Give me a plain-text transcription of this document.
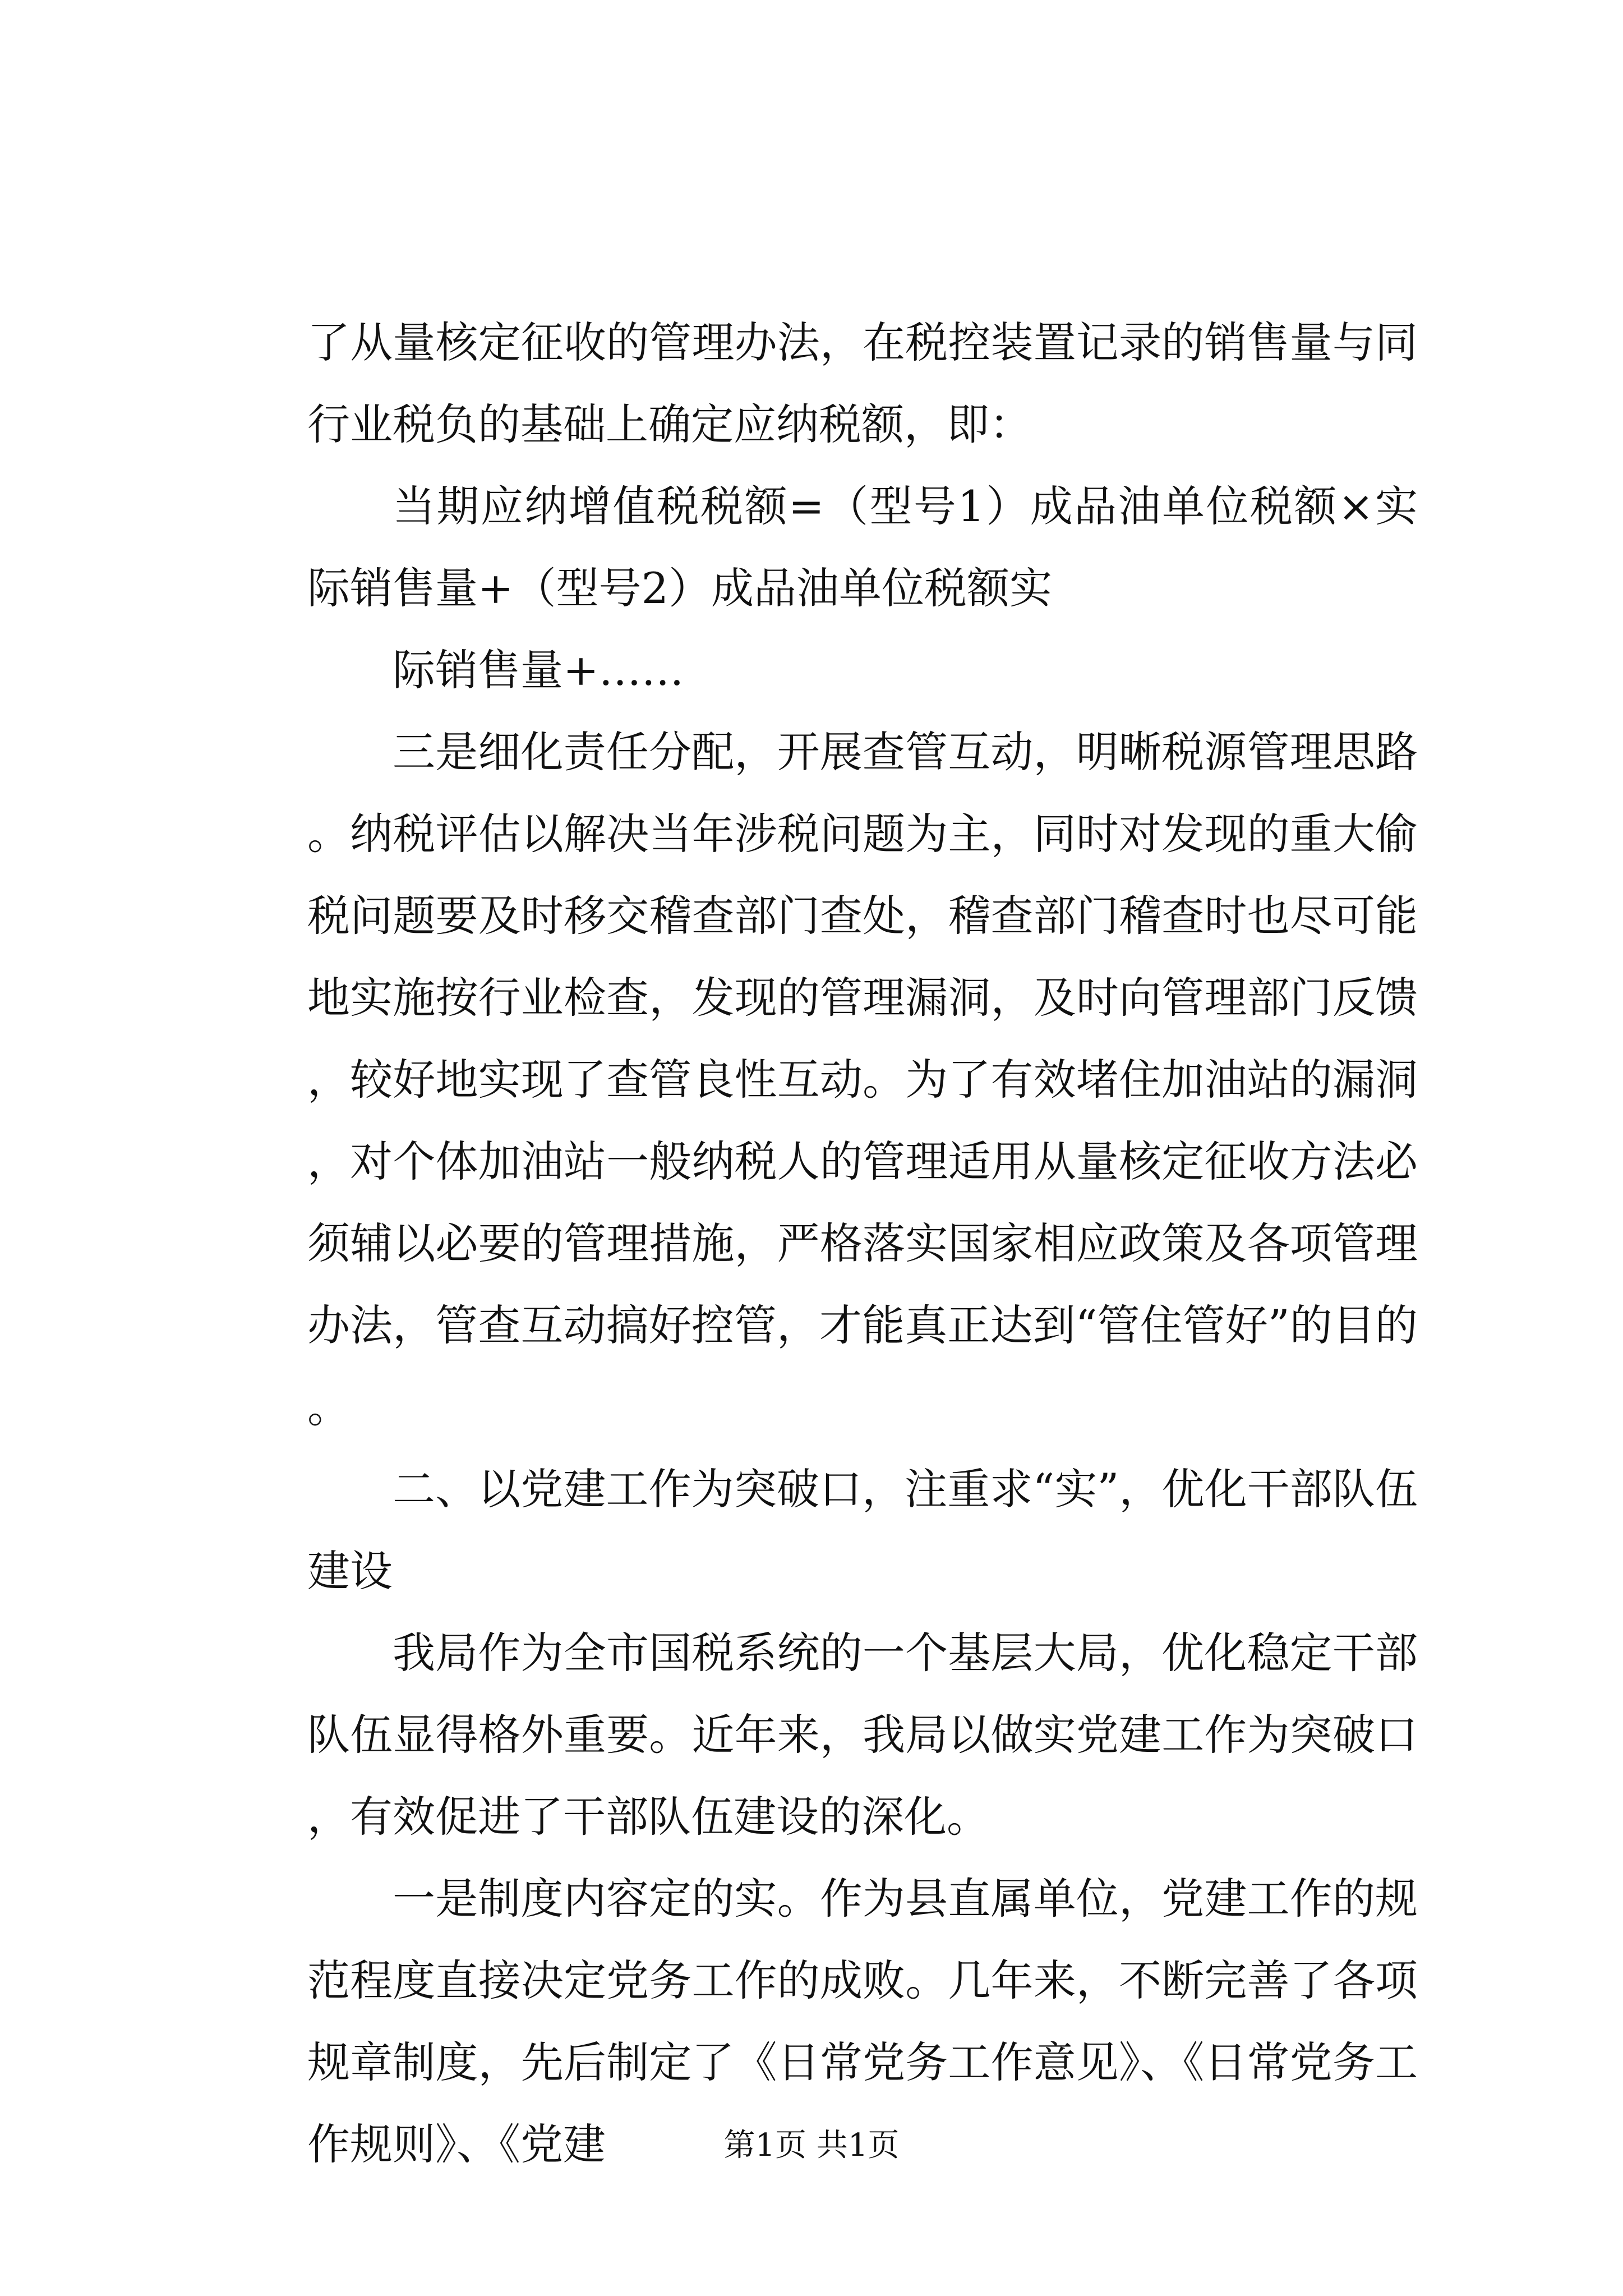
了从量核定征收的管理办法，在税控装置记录的销售量与同行业税负的基础上确定应纳税额，即：

当期应纳增值税税额=（型号1）成品油单位税额×实际销售量+（型号2）成品油单位税额实

际销售量+……

三是细化责任分配，开展查管互动，明晰税源管理思路。纳税评估以解决当年涉税问题为主，同时对发现的重大偷税问题要及时移交稽查部门查处，稽查部门稽查时也尽可能地实施按行业检查，发现的管理漏洞，及时向管理部门反馈，较好地实现了查管良性互动。为了有效堵住加油站的漏洞，对个体加油站一般纳税人的管理适用从量核定征收方法必须辅以必要的管理措施，严格落实国家相应政策及各项管理办法，管查互动搞好控管，才能真正达到“管住管好”的目的。

二、以党建工作为突破口，注重求“实”，优化干部队伍建设

我局作为全市国税系统的一个基层大局，优化稳定干部队伍显得格外重要。近年来，我局以做实党建工作为突破口，有效促进了干部队伍建设的深化。

一是制度内容定的实。作为县直属单位，党建工作的规范程度直接决定党务工作的成败。几年来，不断完善了各项规章制度，先后制定了《日常党务工作意见》、《日常党务工作规则》、《党建	第1页 共1页
